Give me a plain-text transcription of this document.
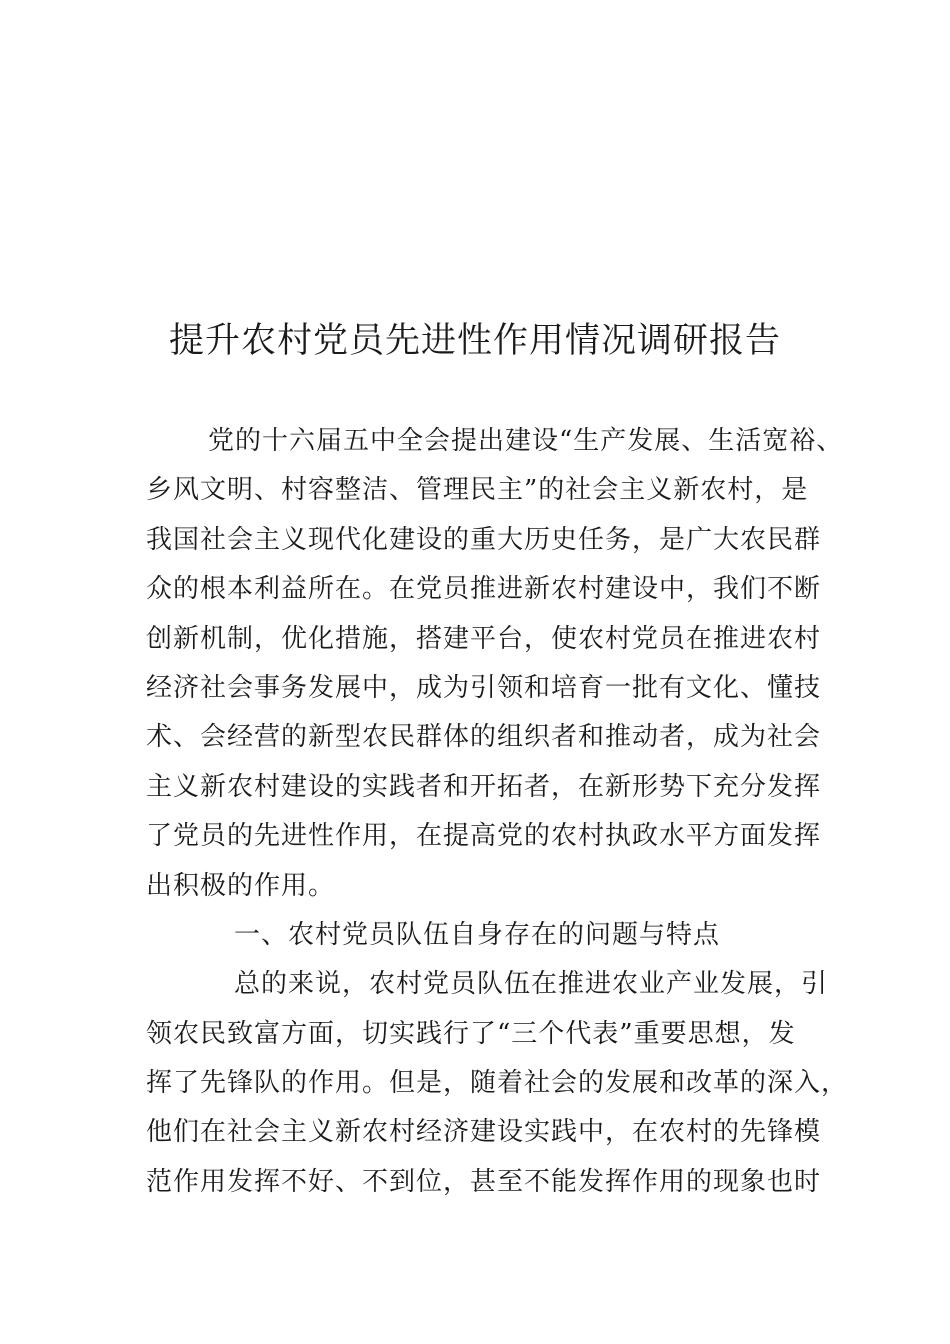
提升农村党员先进性作用情况调研报告
党的十六届五中全会提出建设“生产发展、生活宽裕、
乡风文明、村容整洁、管理民主”的社会主义新农村，是
我国社会主义现代化建设的重大历史任务，是广大农民群
众的根本利益所在。在党员推进新农村建设中，我们不断
创新机制，优化措施，搭建平台，使农村党员在推进农村
经济社会事务发展中，成为引领和培育一批有文化、懂技
术、会经营的新型农民群体的组织者和推动者，成为社会
主义新农村建设的实践者和开拓者，在新形势下充分发挥
了党员的先进性作用，在提高党的农村执政水平方面发挥
出积极的作用。
一、农村党员队伍自身存在的问题与特点
总的来说，农村党员队伍在推进农业产业发展，引
领农民致富方面，切实践行了“三个代表”重要思想，发
挥了先锋队的作用。但是，随着社会的发展和改革的深入，
他们在社会主义新农村经济建设实践中，在农村的先锋模
范作用发挥不好、不到位，甚至不能发挥作用的现象也时
